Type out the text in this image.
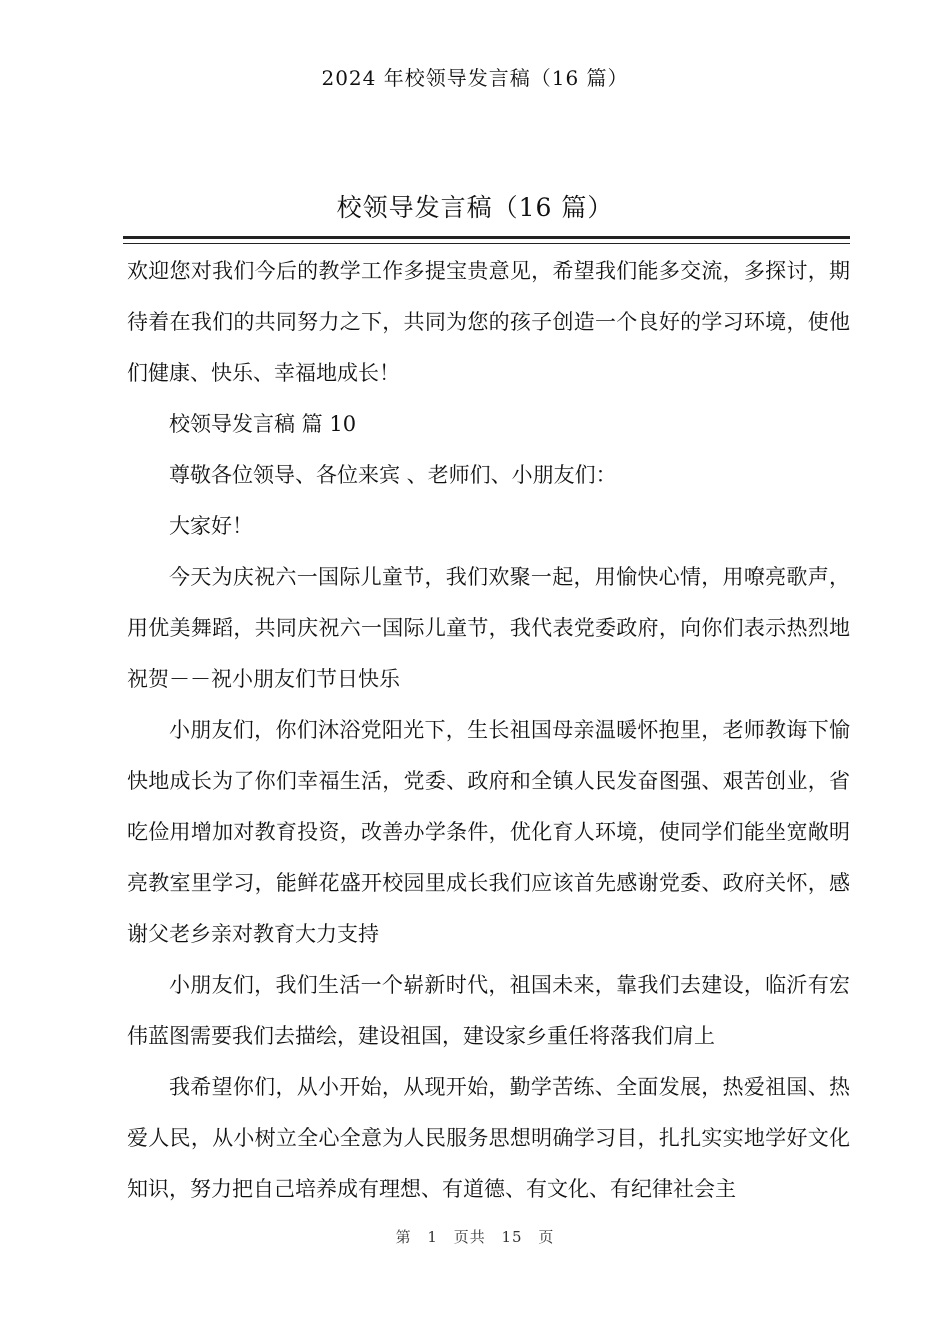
2024 年校领导发言稿（16 篇）
校领导发言稿（16 篇）

欢迎您对我们今后的教学工作多提宝贵意见，希望我们能多交流，多探讨，期待着在我们的共同努力之下，共同为您的孩子创造一个良好的学习环境，使他们健康、快乐、幸福地成长！

校领导发言稿 篇 10

尊敬各位领导、各位来宾 、老师们、小朋友们：

大家好！

今天为庆祝六一国际儿童节，我们欢聚一起，用愉快心情，用嘹亮歌声，用优美舞蹈，共同庆祝六一国际儿童节，我代表党委政府，向你们表示热烈地祝贺－－祝小朋友们节日快乐

小朋友们，你们沐浴党阳光下，生长祖国母亲温暖怀抱里，老师教诲下愉快地成长为了你们幸福生活，党委、政府和全镇人民发奋图强、艰苦创业，省吃俭用增加对教育投资，改善办学条件，优化育人环境，使同学们能坐宽敞明亮教室里学习，能鲜花盛开校园里成长我们应该首先感谢党委、政府关怀，感谢父老乡亲对教育大力支持

小朋友们，我们生活一个崭新时代，祖国未来，靠我们去建设，临沂有宏伟蓝图需要我们去描绘，建设祖国，建设家乡重任将落我们肩上

我希望你们，从小开始，从现开始，勤学苦练、全面发展，热爱祖国、热爱人民，从小树立全心全意为人民服务思想明确学习目，扎扎实实地学好文化知识，努力把自己培养成有理想、有道德、有文化、有纪律社会主

第 1 页共 15 页
